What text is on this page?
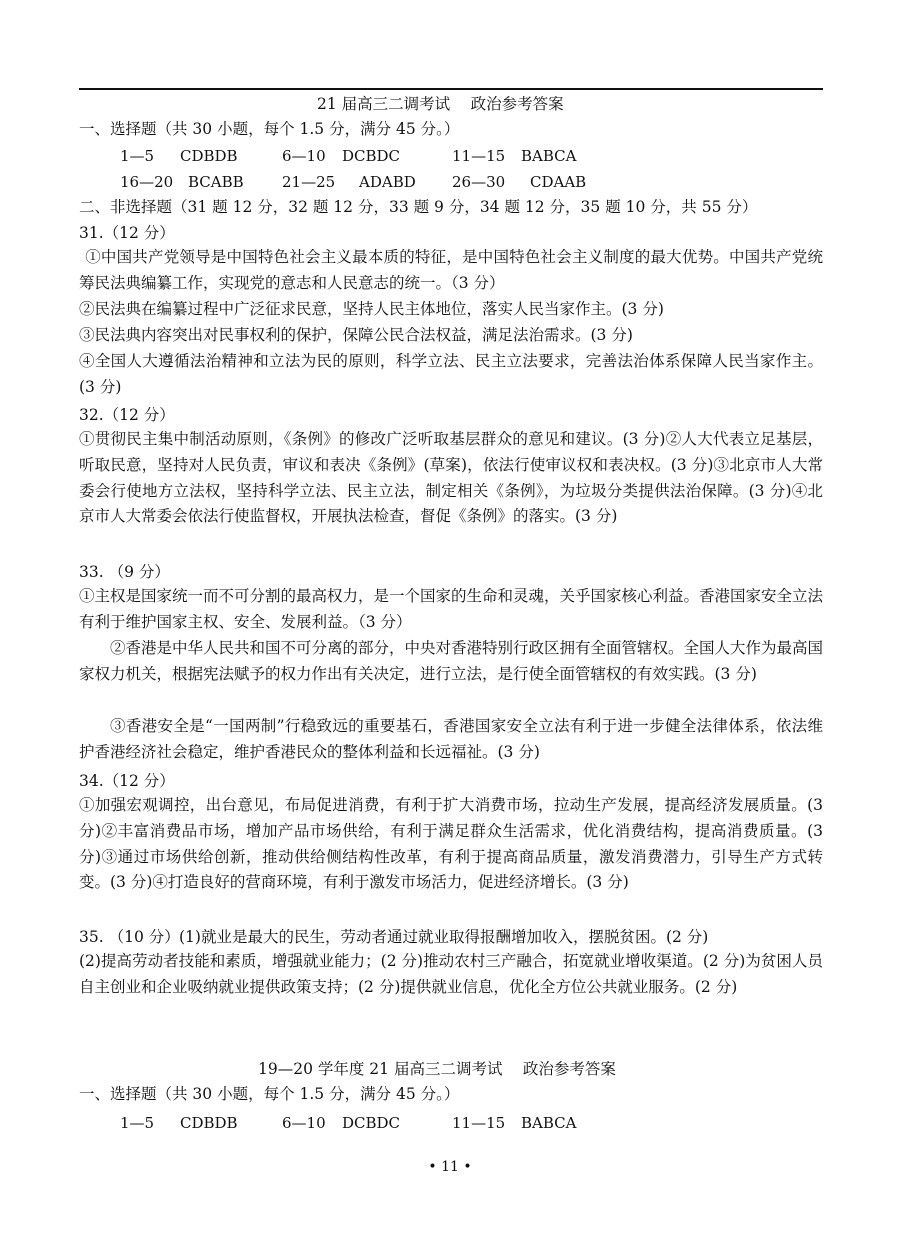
21 届高三二调考试　 政治参考答案
一、选择题（共 30 小题，每个 1.5 分，满分 45 分。）
1—5 CDBDB	6—10 DCBDC	11—15 BABCA
16—20 BCABB	21—25 ADABD 26—30 CDAAB
二、非选择题（31 题 12 分，32 题 12 分，33 题 9 分，34 题 12 分，35 题 10 分，共 55 分）
31.（12 分）
①中国共产党领导是中国特色社会主义最本质的特征，是中国特色社会主义制度的最大优势。中国共产党统筹民法典编纂工作，实现党的意志和人民意志的统一。（3 分）
②民法典在编纂过程中广泛征求民意，坚持人民主体地位，落实人民当家作主。(3 分)
③民法典内容突出对民事权利的保护，保障公民合法权益，满足法治需求。(3 分)
④全国人大遵循法治精神和立法为民的原则，科学立法、民主立法要求，完善法治体系保障人民当家作主。(3 分)
32.（12 分）
①贯彻民主集中制活动原则，《条例》的修改广泛听取基层群众的意见和建议。(3 分)②人大代表立足基层，听取民意，坚持对人民负责，审议和表决《条例》(草案)，依法行使审议权和表决权。(3 分)③北京市人大常委会行使地方立法权，坚持科学立法、民主立法，制定相关《条例》，为垃圾分类提供法治保障。(3 分)④北京市人大常委会依法行使监督权，开展执法检查，督促《条例》的落实。(3 分)
33. （9 分）
①主权是国家统一而不可分割的最高权力，是一个国家的生命和灵魂，关乎国家核心利益。香港国家安全立法有利于维护国家主权、安全、发展利益。（3 分）
②香港是中华人民共和国不可分离的部分，中央对香港特别行政区拥有全面管辖权。全国人大作为最高国家权力机关，根据宪法赋予的权力作出有关决定，进行立法，是行使全面管辖权的有效实践。(3 分)
③香港安全是“一国两制”行稳致远的重要基石，香港国家安全立法有利于进一步健全法律体系，依法维护香港经济社会稳定，维护香港民众的整体利益和长远福祉。(3 分)
34.（12 分）
①加强宏观调控，出台意见，布局促进消费，有利于扩大消费市场，拉动生产发展，提高经济发展质量。(3 分)②丰富消费品市场，增加产品市场供给，有利于满足群众生活需求，优化消费结构，提高消费质量。(3 分)③通过市场供给创新，推动供给侧结构性改革，有利于提高商品质量，激发消费潜力，引导生产方式转变。(3 分)④打造良好的营商环境，有利于激发市场活力，促进经济增长。(3 分)
35. （10 分） (1)就业是最大的民生，劳动者通过就业取得报酬增加收入，摆脱贫困。(2 分)
(2)提高劳动者技能和素质，增强就业能力；(2 分)推动农村三产融合，拓宽就业增收渠道。(2 分)为贫困人员自主创业和企业吸纳就业提供政策支持；(2 分)提供就业信息，优化全方位公共就业服务。(2 分)
19—20 学年度 21 届高三二调考试　 政治参考答案
一、选择题（共 30 小题，每个 1.5 分，满分 45 分。）
1—5 CDBDB	6—10 DCBDC	11—15 BABCA
• 11 •
